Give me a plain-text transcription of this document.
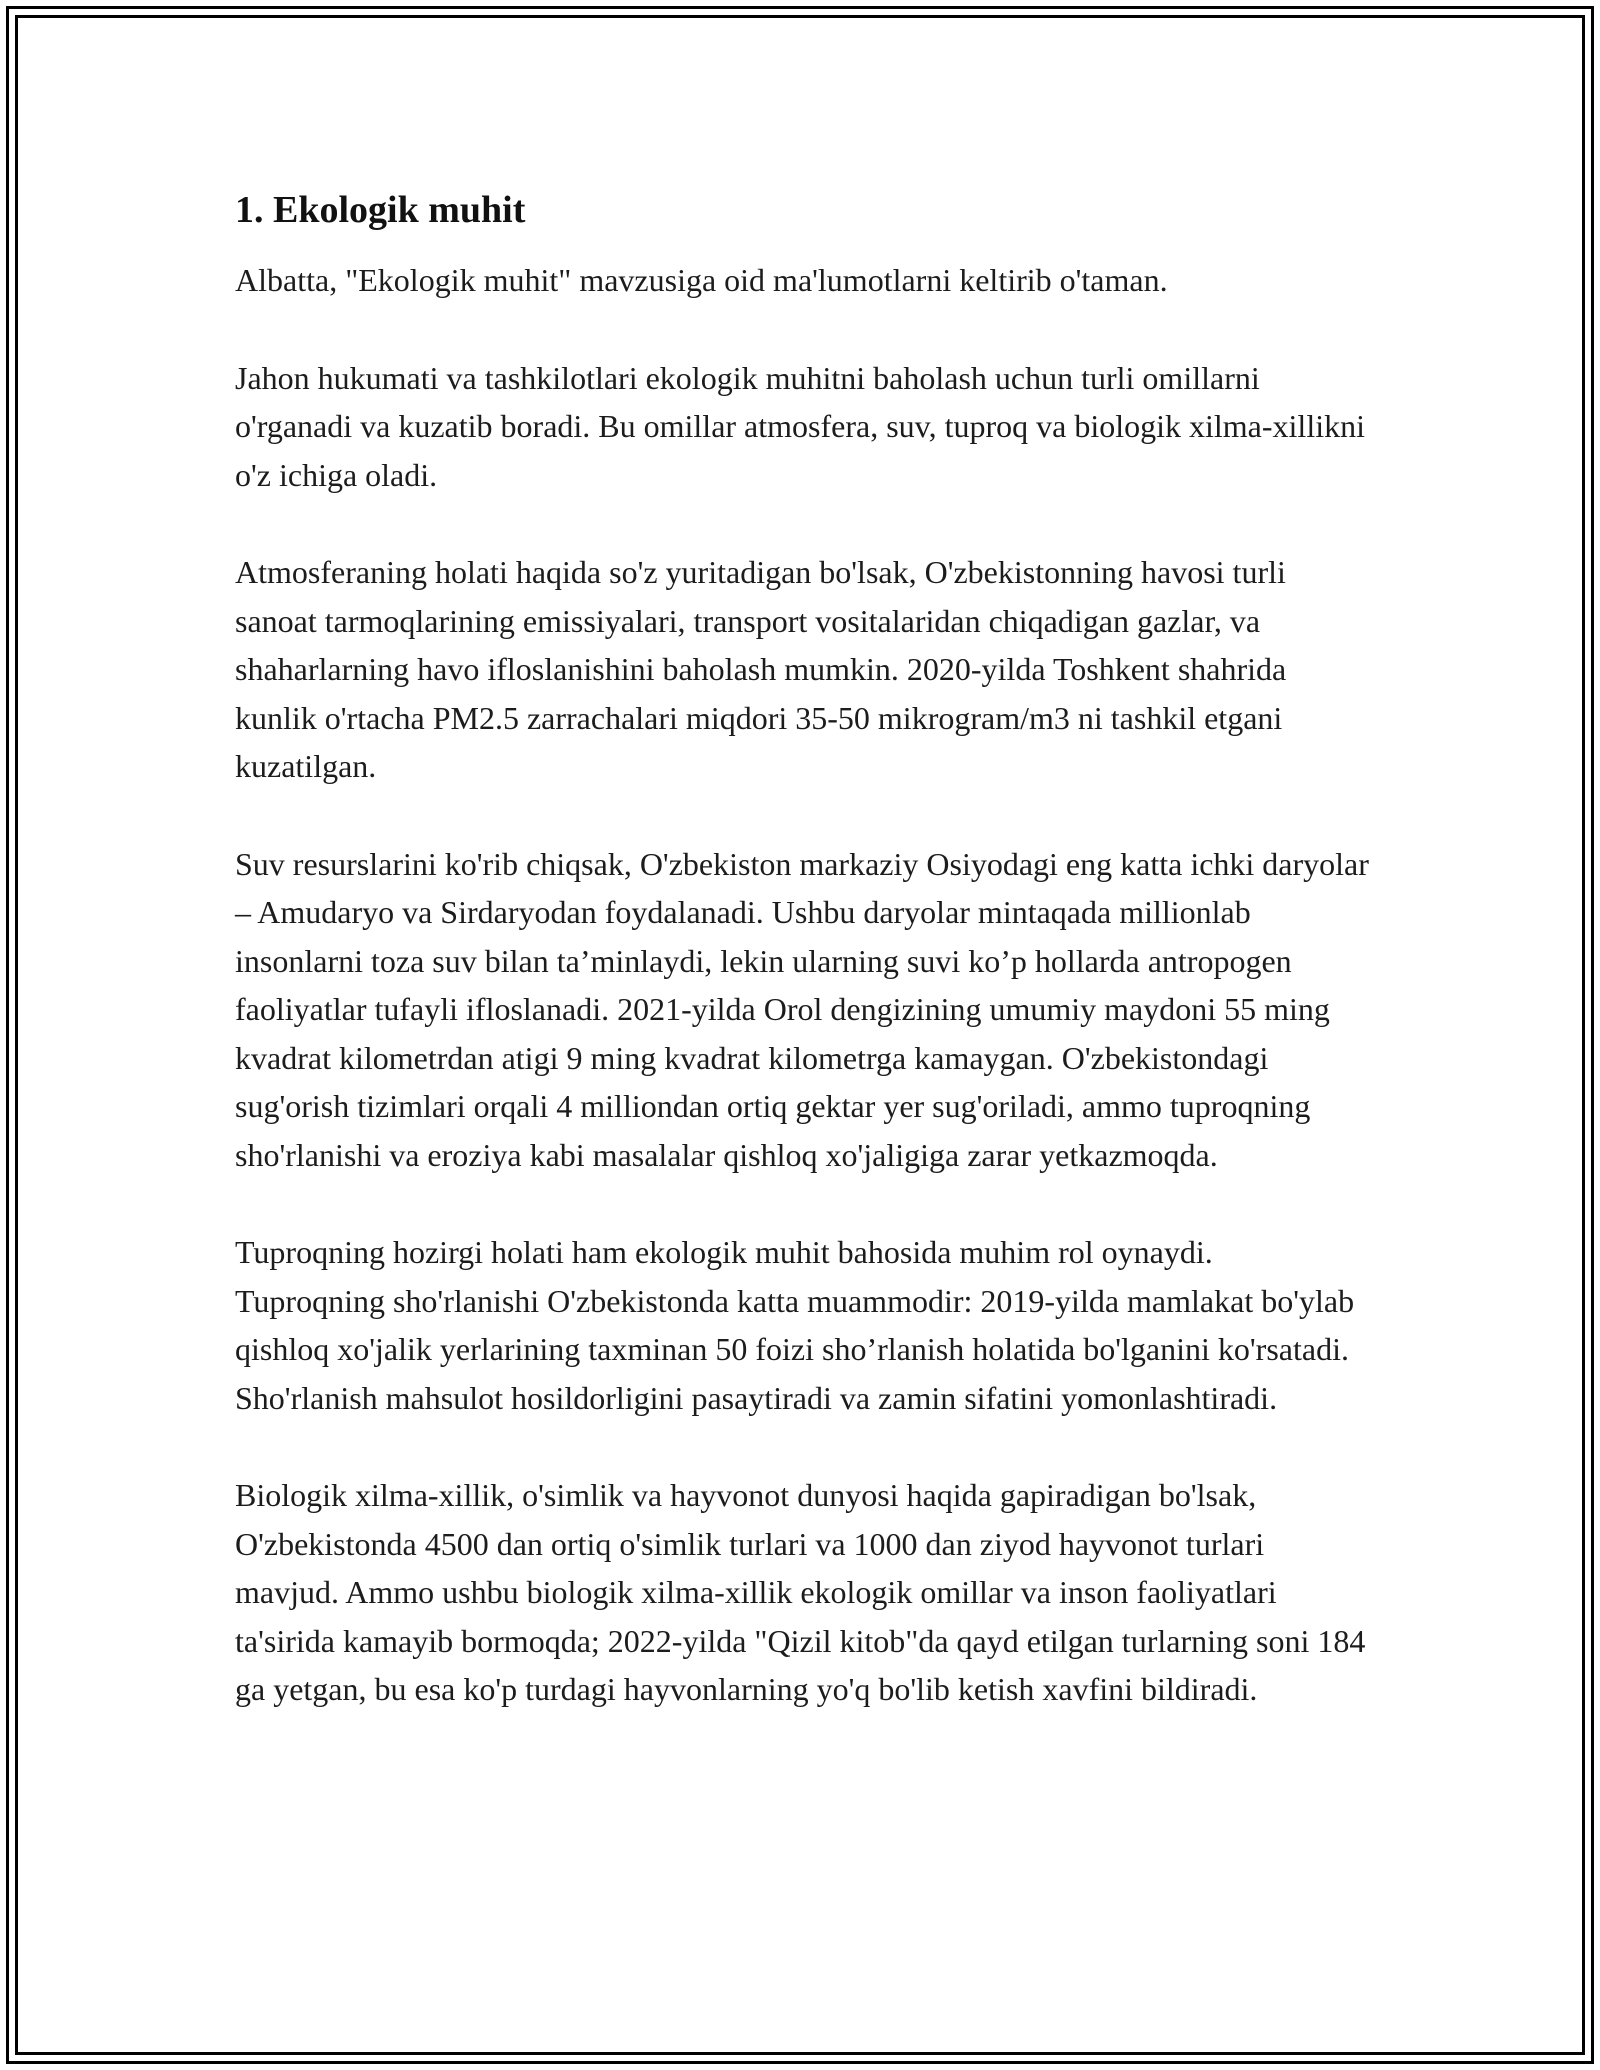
1. Ekologik muhit

Albatta, "Ekologik muhit" mavzusiga oid ma'lumotlarni keltirib o'taman.

Jahon hukumati va tashkilotlari ekologik muhitni baholash uchun turli omillarni o'rganadi va kuzatib boradi. Bu omillar atmosfera, suv, tuproq va biologik xilma-xillikni o'z ichiga oladi.

Atmosferaning holati haqida so'z yuritadigan bo'lsak, O'zbekistonning havosi turli sanoat tarmoqlarining emissiyalari, transport vositalaridan chiqadigan gazlar, va shaharlarning havo ifloslanishini baholash mumkin. 2020-yilda Toshkent shahrida kunlik o'rtacha PM2.5 zarrachalari miqdori 35-50 mikrogram/m3 ni tashkil etgani kuzatilgan.

Suv resurslarini ko'rib chiqsak, O'zbekiston markaziy Osiyodagi eng katta ichki daryolar – Amudaryo va Sirdaryodan foydalanadi. Ushbu daryolar mintaqada millionlab insonlarni toza suv bilan ta’minlaydi, lekin ularning suvi ko’p hollarda antropogen faoliyatlar tufayli ifloslanadi. 2021-yilda Orol dengizining umumiy maydoni 55 ming kvadrat kilometrdan atigi 9 ming kvadrat kilometrga kamaygan. O'zbekistondagi sug'orish tizimlari orqali 4 milliondan ortiq gektar yer sug'oriladi, ammo tuproqning sho'rlanishi va eroziya kabi masalalar qishloq xo'jaligiga zarar yetkazmoqda.

Tuproqning hozirgi holati ham ekologik muhit bahosida muhim rol oynaydi. Tuproqning sho'rlanishi O'zbekistonda katta muammodir: 2019-yilda mamlakat bo'ylab qishloq xo'jalik yerlarining taxminan 50 foizi sho’rlanish holatida bo'lganini ko'rsatadi. Sho'rlanish mahsulot hosildorligini pasaytiradi va zamin sifatini yomonlashtiradi.

Biologik xilma-xillik, o'simlik va hayvonot dunyosi haqida gapiradigan bo'lsak, O'zbekistonda 4500 dan ortiq o'simlik turlari va 1000 dan ziyod hayvonot turlari mavjud. Ammo ushbu biologik xilma-xillik ekologik omillar va inson faoliyatlari ta'sirida kamayib bormoqda; 2022-yilda "Qizil kitob"da qayd etilgan turlarning soni 184 ga yetgan, bu esa ko'p turdagi hayvonlarning yo'q bo'lib ketish xavfini bildiradi.
